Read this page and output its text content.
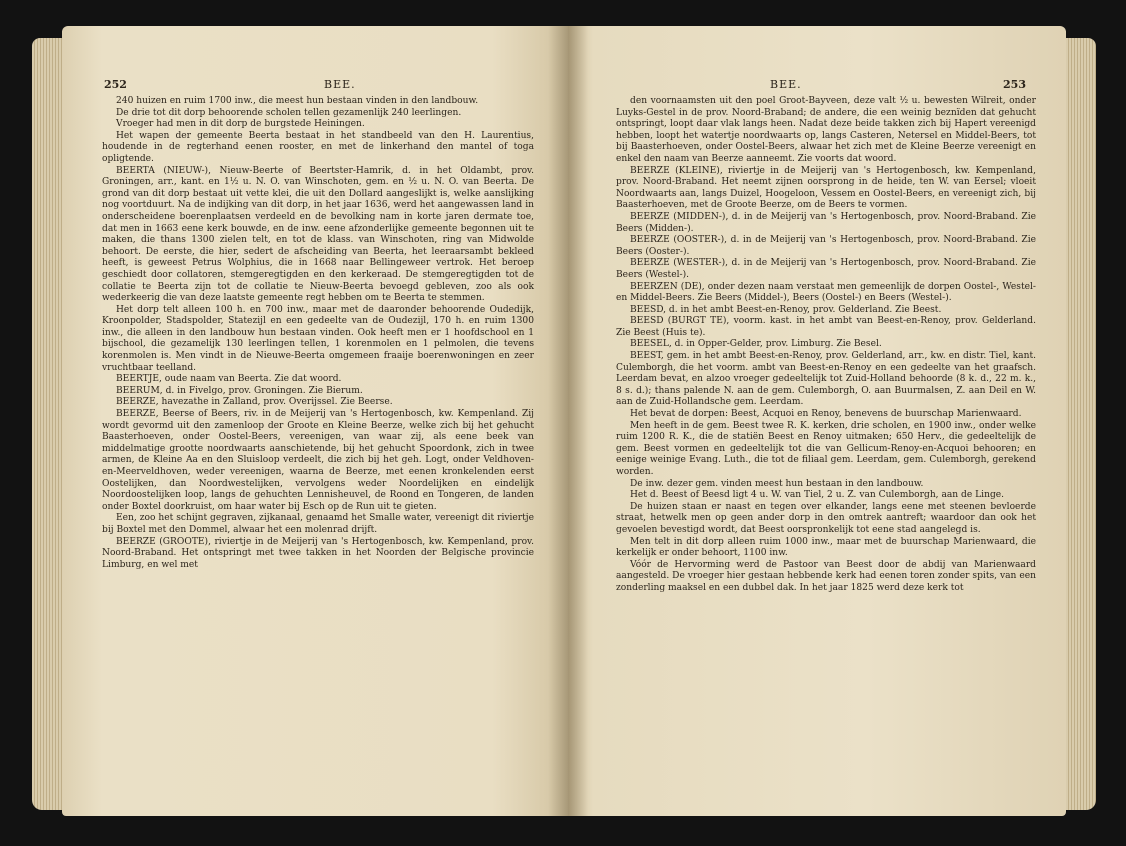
252	BEE.

240 huizen en ruim 1700 inw., die meest hun bestaan vinden in den landbouw.

De drie tot dit dorp behoorende scholen tellen gezamenlijk 240 leerlingen.

Vroeger had men in dit dorp de burgstede Heiningen.

Het wapen der gemeente Beerta bestaat in het standbeeld van den H. Laurentius, houdende in de regterhand eenen rooster, en met de linkerhand den mantel of toga opligtende.

BEERTA (NIEUW-), Nieuw-Beerte of Beertster-Hamrik, d. in het Oldambt, prov. Groningen, arr., kant. en 1½ u. N. O. van Winschoten, gem. en ½ u. N. O. van Beerta. De grond van dit dorp bestaat uit vette klei, die uit den Dollard aangeslijkt is, welke aanslijking nog voortduurt. Na de indijking van dit dorp, in het jaar 1636, werd het aangewassen land in onderscheidene boerenplaatsen verdeeld en de bevolking nam in korte jaren dermate toe, dat men in 1663 eene kerk bouwde, en de inw. eene afzonderlijke gemeente begonnen uit te maken, die thans 1300 zielen telt, en tot de klass. van Winschoten, ring van Midwolde behoort. De eerste, die hier, sedert de afscheiding van Beerta, het leeraarsambt bekleed heeft, is geweest Petrus Wolphius, die in 1668 naar Bellingeweer vertrok. Het beroep geschiedt door collatoren, stemgeregtigden en den kerkeraad. De stemgeregtigden tot de collatie te Beerta zijn tot de collatie te Nieuw-Beerta bevoegd gebleven, zoo als ook wederkeerig die van deze laatste gemeente regt hebben om te Beerta te stemmen.

Het dorp telt alleen 100 h. en 700 inw., maar met de daaronder behoorende Oudedijk, Kroonpolder, Stadspolder, Statezijl en een gedeelte van de Oudezijl, 170 h. en ruim 1300 inw., die alleen in den landbouw hun bestaan vinden. Ook heeft men er 1 hoofdschool en 1 bijschool, die gezamelijk 130 leerlingen tellen, 1 korenmolen en 1 pelmolen, die tevens korenmolen is. Men vindt in de Nieuwe-Beerta omgemeen fraaije boerenwoningen en zeer vruchtbaar teelland.

BEERTJE, oude naam van Beerta. Zie dat woord.

BEERUM, d. in Fivelgo, prov. Groningen. Zie Bierum.

BEERZE, havezathe in Zalland, prov. Overijssel. Zie Beerse.

BEERZE, Beerse of Beers, riv. in de Meijerij van 's Hertogenbosch, kw. Kempenland. Zij wordt gevormd uit den zamenloop der Groote en Kleine Beerze, welke zich bij het gehucht Baasterhoeven, onder Oostel-Beers, vereenigen, van waar zij, als eene beek van middelmatige grootte noordwaarts aanschietende, bij het gehucht Spoordonk, zich in twee armen, de Kleine Aa en den Sluisloop verdeelt, die zich bij het geh. Logt, onder Veldhoven-en-Meerveldhoven, weder vereenigen, waarna de Beerze, met eenen kronkelenden eerst Oostelijken, dan Noordwestelijken, vervolgens weder Noordelijken en eindelijk Noordoostelijken loop, langs de gehuchten Lennisheuvel, de Roond en Tongeren, de landen onder Boxtel doorkruist, om haar water bij Esch op de Run uit te gieten.

Een, zoo het schijnt gegraven, zijkanaal, genaamd het Smalle water, vereenigt dit riviertje bij Boxtel met den Dommel, alwaar het een molenrad drijft.

BEERZE (GROOTE), riviertje in de Meijerij van 's Hertogenbosch, kw. Kempenland, prov. Noord-Braband. Het ontspringt met twee takken in het Noorden der Belgische provincie Limburg, en wel met

BEE.	253

den voornaamsten uit den poel Groot-Bayveen, deze valt ½ u. bewesten Wilreit, onder Luyks-Gestel in de prov. Noord-Braband; de andere, die een weinig beznïden dat gehucht ontspringt, loopt daar vlak langs heen. Nadat deze beide takken zich bij Hapert vereenigd hebben, loopt het watertje noordwaarts op, langs Casteren, Netersel en Middel-Beers, tot bij Baasterhoeven, onder Oostel-Beers, alwaar het zich met de Kleine Beerze vereenigt en enkel den naam van Beerze aanneemt. Zie voorts dat woord.

BEERZE (KLEINE), riviertje in de Meijerij van 's Hertogenbosch, kw. Kempenland, prov. Noord-Braband. Het neemt zijnen oorsprong in de heide, ten W. van Eersel; vloeit Noordwaarts aan, langs Duizel, Hoogeloon, Vessem en Oostel-Beers, en vereenigt zich, bij Baasterhoeven, met de Groote Beerze, om de Beers te vormen.

BEERZE (MIDDEN-), d. in de Meijerij van 's Hertogenbosch, prov. Noord-Braband. Zie Beers (Midden-).

BEERZE (OOSTER-), d. in de Meijerij van 's Hertogenbosch, prov. Noord-Braband. Zie Beers (Ooster-).

BEERZE (WESTER-), d. in de Meijerij van 's Hertogenbosch, prov. Noord-Braband. Zie Beers (Westel-).

BEERZEN (DE), onder dezen naam verstaat men gemeenlijk de dorpen Oostel-, Westel- en Middel-Beers. Zie Beers (Middel-), Beers (Oostel-) en Beers (Westel-).

BEESD, d. in het ambt Beest-en-Renoy, prov. Gelderland. Zie Beest.

BEESD (BURGT TE), voorm. kast. in het ambt van Beest-en-Renoy, prov. Gelderland. Zie Beest (Huis te).

BEESEL, d. in Opper-Gelder, prov. Limburg. Zie Besel.

BEEST, gem. in het ambt Beest-en-Renoy, prov. Gelderland, arr., kw. en distr. Tiel, kant. Culemborgh, die het voorm. ambt van Beest-en-Renoy en een gedeelte van het graafsch. Leerdam bevat, en alzoo vroeger gedeeltelijk tot Zuid-Holland behoorde (8 k. d., 22 m. k., 8 s. d.); thans palende N. aan de gem. Culemborgh, O. aan Buurmalsen, Z. aan Deil en W. aan de Zuid-Hollandsche gem. Leerdam.

Het bevat de dorpen: Beest, Acquoi en Renoy, benevens de buurschap Marienwaard.

Men heeft in de gem. Beest twee R. K. kerken, drie scholen, en 1900 inw., onder welke ruim 1200 R. K., die de statiën Beest en Renoy uitmaken; 650 Herv., die gedeeltelijk de gem. Beest vormen en gedeeltelijk tot die van Gellicum-Renoy-en-Acquoi behooren; en eenige weinige Evang. Luth., die tot de filiaal gem. Leerdam, gem. Culemborgh, gerekend worden.

De inw. dezer gem. vinden meest hun bestaan in den landbouw.

Het d. Beest of Beesd ligt 4 u. W. van Tiel, 2 u. Z. van Culemborgh, aan de Linge.

De huizen staan er naast en tegen over elkander, langs eene met steenen bevloerde straat, hetwelk men op geen ander dorp in den omtrek aantreft; waardoor dan ook het gevoelen bevestigd wordt, dat Beest oorspronkelijk tot eene stad aangelegd is.

Men telt in dit dorp alleen ruim 1000 inw., maar met de buurschap Marienwaard, die kerkelijk er onder behoort, 1100 inw.

Vóór de Hervorming werd de Pastoor van Beest door de abdij van Marienwaard aangesteld. De vroeger hier gestaan hebbende kerk had eenen toren zonder spits, van een zonderling maaksel en een dubbel dak. In het jaar 1825 werd deze kerk tot
